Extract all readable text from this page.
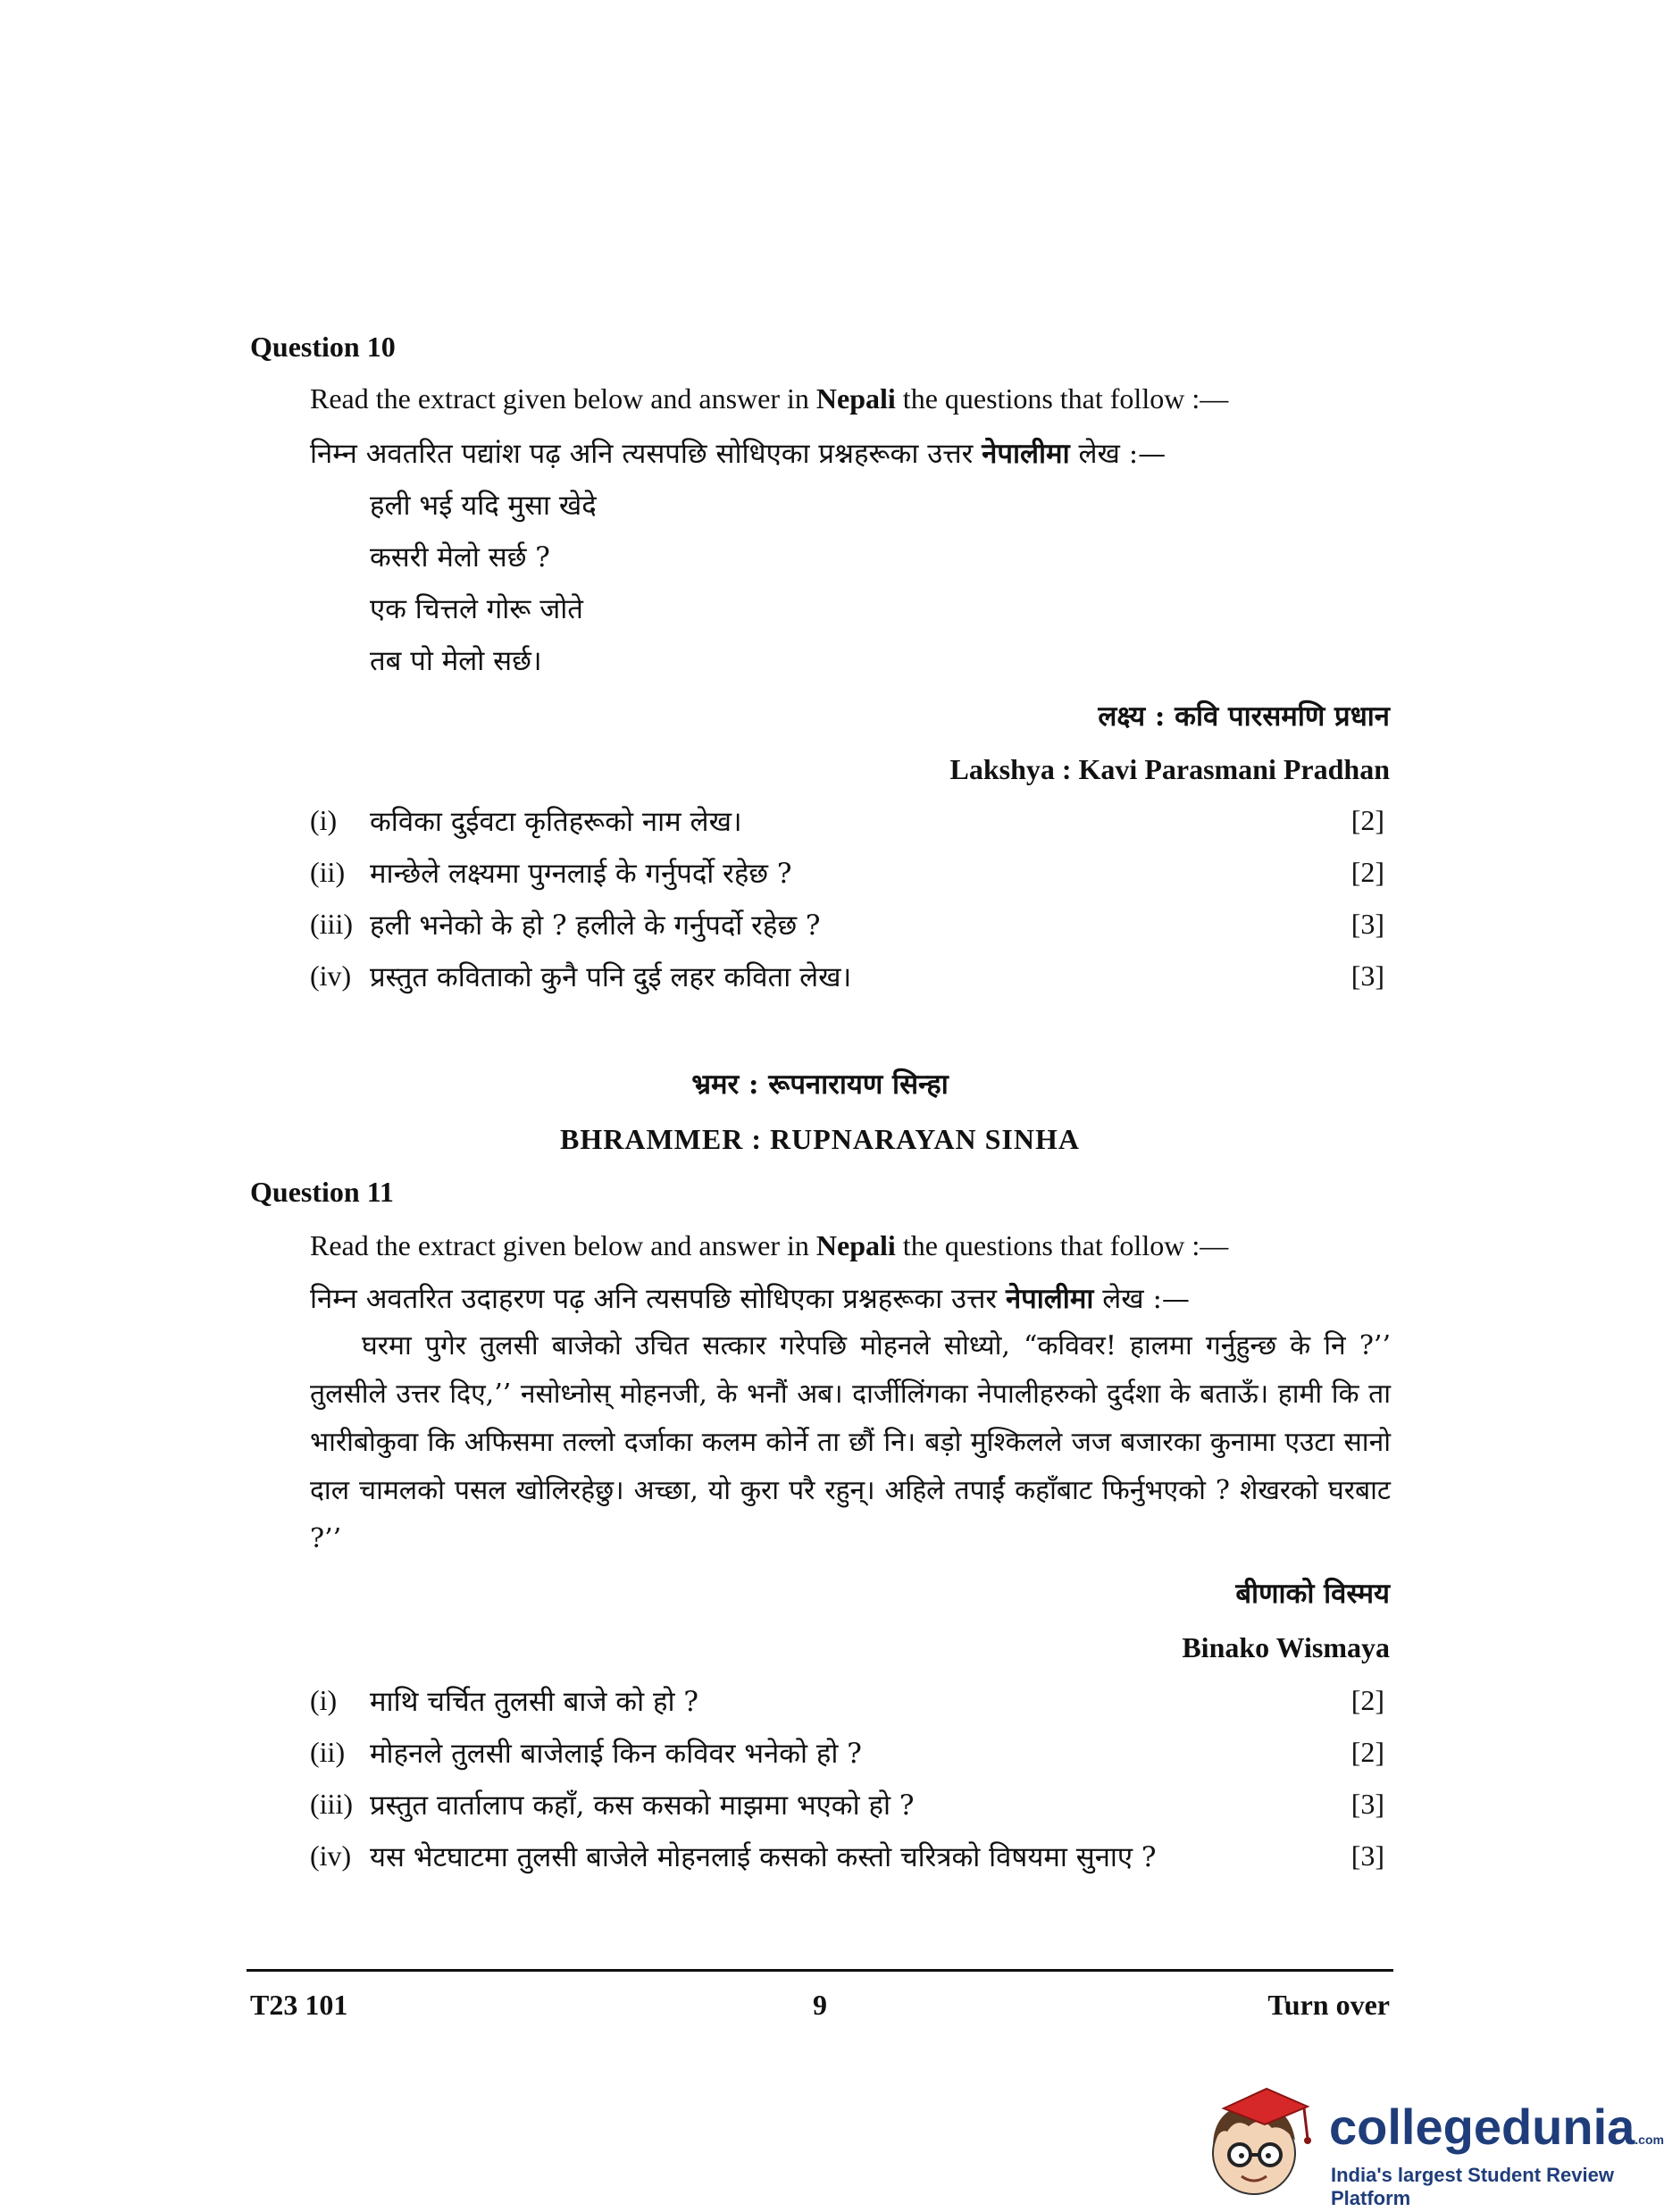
Question 10
Read the extract given below and answer in Nepali the questions that follow :—
निम्न अवतरित पद्यांश पढ़ अनि त्यसपछि सोधिएका प्रश्नहरूका उत्तर नेपालीमा लेख :—
हली भई यदि मुसा खेदे
कसरी मेलो सर्छ ?
एक चित्तले गोरू जोते
तब पो मेलो सर्छ।
लक्ष्य : कवि पारसमणि प्रधान
Lakshya : Kavi Parasmani Pradhan
(i) कविका दुईवटा कृतिहरूको नाम लेख।	[2]
(ii) मान्छेले लक्ष्यमा पुग्नलाई के गर्नुपर्दो रहेछ ?	[2]
(iii) हली भनेको के हो ? हलीले के गर्नुपर्दो रहेछ ?	[3]
(iv) प्रस्तुत कविताको कुनै पनि दुई लहर कविता लेख।	[3]
भ्रमर : रूपनारायण सिन्हा
BHRAMMER : RUPNARAYAN SINHA
Question 11
Read the extract given below and answer in Nepali the questions that follow :—
निम्न अवतरित उदाहरण पढ़ अनि त्यसपछि सोधिएका प्रश्नहरूका उत्तर नेपालीमा लेख :—
घरमा पुगेर तुलसी बाजेको उचित सत्कार गरेपछि मोहनले सोध्यो, “कविवर! हालमा गर्नुहुन्छ के नि ?’’ तुलसीले उत्तर दिए,’’ नसोध्नोस् मोहनजी, के भनौं अब। दार्जीलिंगका नेपालीहरुको दुर्दशा के बताऊँ। हामी कि ता भारीबोकुवा कि अफिसमा तल्लो दर्जाका कलम कोर्ने ता छौं नि। बड़ो मुश्किलले जज बजारका कुनामा एउटा सानो दाल चामलको पसल खोलिरहेछु। अच्छा, यो कुरा परै रहुन्। अहिले तपाईं कहाँबाट फिर्नुभएको ? शेखरको घरबाट ?’’
बीणाको विस्मय
Binako Wismaya
(i) माथि चर्चित तुलसी बाजे को हो ?	[2]
(ii) मोहनले तुलसी बाजेलाई किन कविवर भनेको हो ?	[2]
(iii) प्रस्तुत वार्तालाप कहाँ, कस कसको माझमा भएको हो ?	[3]
(iv) यस भेटघाटमा तुलसी बाजेले मोहनलाई कसको कस्तो चरित्रको विषयमा सुनाए ?	[3]
T23 101	9	Turn over
collegedunia.com
India's largest Student Review Platform
